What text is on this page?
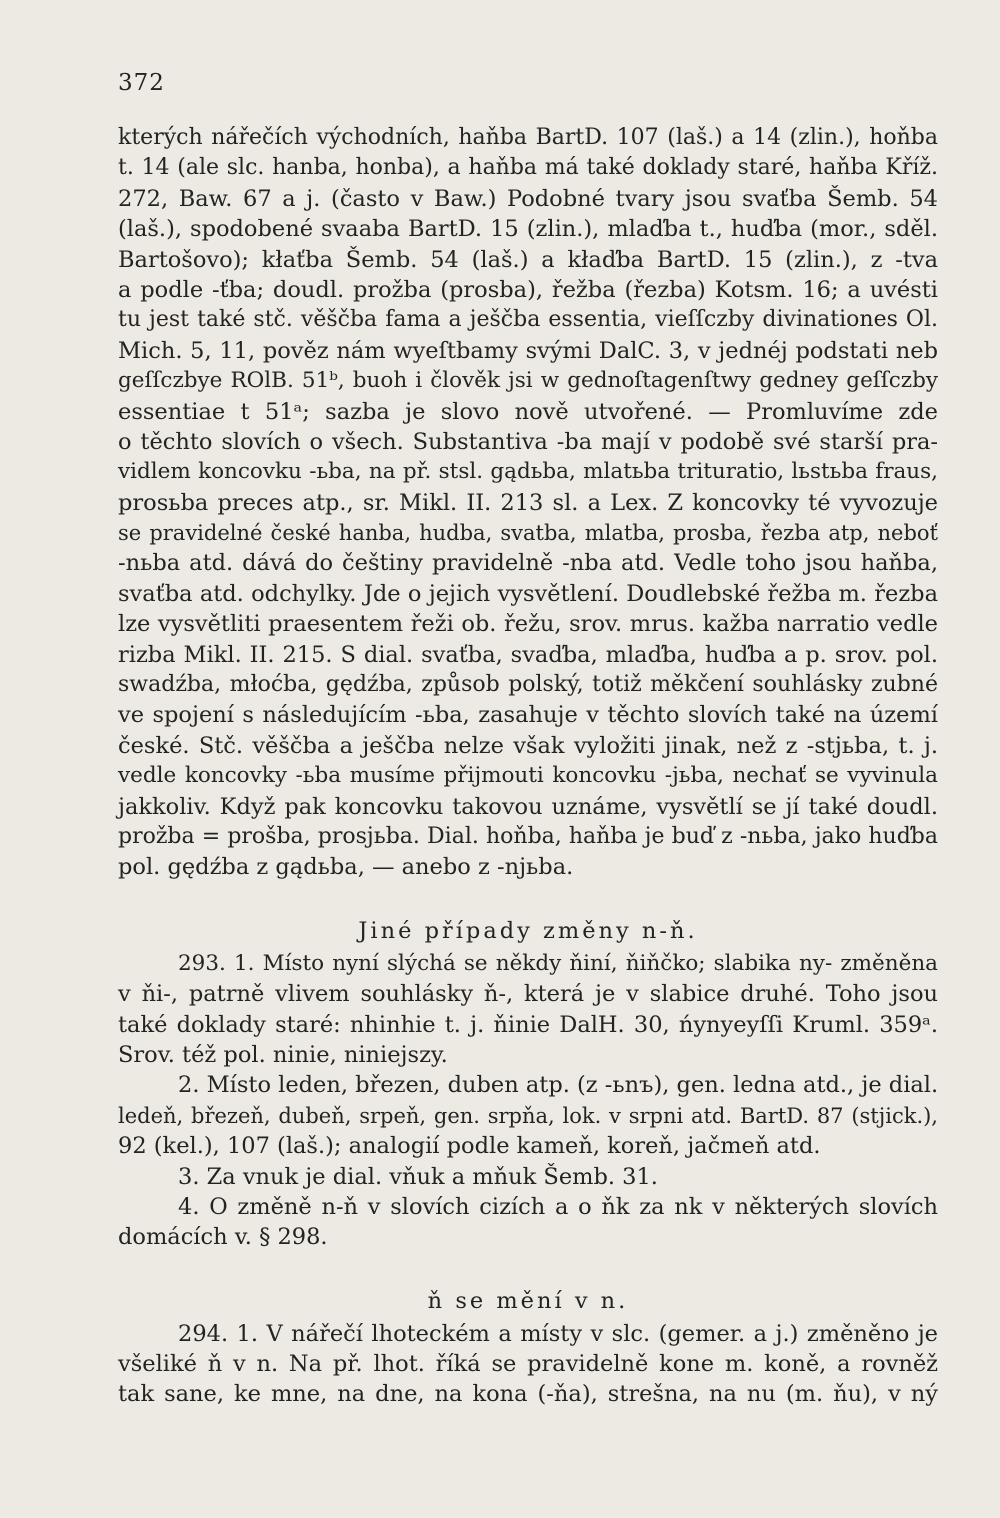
372
kterých nářečích východních, haňba BartD. 107 (laš.) a 14 (zlin.), hoňba
t. 14 (ale slc. hanba, honba), a haňba má také doklady staré, haňba Kříž.
272, Baw. 67 a j. (často v Baw.) Podobné tvary jsou svaťba Šemb. 54
(laš.), spodobené svaaba BartD. 15 (zlin.), mlaďba t., huďba (mor., sděl.
Bartošovo); kłaťba Šemb. 54 (laš.) a kłaďba BartD. 15 (zlin.), z -tva
a podle -ťba; doudl. prožba (prosba), řežba (řezba) Kotsm. 16; a uvésti
tu jest také stč. věščba fama a ješčba essentia, vieſſczby divinationes Ol.
Mich. 5, 11, pověz nám wyeſtbamy svými DalC. 3, v jednéj podstati neb
geſſczbye ROlB. 51ᵇ, buoh i člověk jsi w gednoſtagenſtwy gedney geſſczby
essentiae t 51ᵃ; sazba je slovo nově utvořené. — Promluvíme zde
o těchto slovích o všech. Substantiva -ba mají v podobě své starší pra-
vidlem koncovku -ьba, na př. stsl. gądьba, mlatьba trituratio, lьstьba fraus,
prosьba preces atp., sr. Mikl. II. 213 sl. a Lex. Z koncovky té vyvozuje
se pravidelné české hanba, hudba, svatba, mlatba, prosba, řezba atp, neboť
-nьba atd. dává do češtiny pravidelně -nba atd. Vedle toho jsou haňba,
svaťba atd. odchylky. Jde o jejich vysvětlení. Doudlebské řežba m. řezba
lze vysvětliti praesentem řeži ob. řežu, srov. mrus. kažba narratio vedle
rizba Mikl. II. 215. S dial. svaťba, svaďba, mlaďba, huďba a p. srov. pol.
swadźba, młoćba, gędźba, způsob polský, totiž měkčení souhlásky zubné
ve spojení s následujícím -ьba, zasahuje v těchto slovích také na území
české. Stč. věščba a ješčba nelze však vyložiti jinak, než z -stjьba, t. j.
vedle koncovky -ьba musíme přijmouti koncovku -jьba, nechať se vyvinula
jakkoliv. Když pak koncovku takovou uznáme, vysvětlí se jí také doudl.
prožba = prošba, prosjьba. Dial. hoňba, haňba je buď z -nьba, jako huďba
pol. gędźba z gądьba, — anebo z -njьba.
Jiné případy změny n-ň.
293. 1. Místo nyní slýchá se někdy ňiní, ňiňčko; slabika ny- změněna
v ňi-, patrně vlivem souhlásky ň-, která je v slabice druhé. Toho jsou
také doklady staré: nhinhie t. j. ňinie DalH. 30, ńynyeyſſi Kruml. 359ᵃ.
Srov. též pol. ninie, niniejszy.
2. Místo leden, březen, duben atp. (z -ьnъ), gen. ledna atd., je dial.
ledeň, březeň, dubeň, srpeň, gen. srpňa, lok. v srpni atd. BartD. 87 (stjick.),
92 (kel.), 107 (laš.); analogií podle kameň, koreň, jačmeň atd.
3. Za vnuk je dial. vňuk a mňuk Šemb. 31.
4. O změně n-ň v slovích cizích a o ňk za nk v některých slovích
domácích v. § 298.
ň se mění v n.
294. 1. V nářečí lhoteckém a místy v slc. (gemer. a j.) změněno je
všeliké ň v n. Na př. lhot. říká se pravidelně kone m. koně, a rovněž
tak sane, ke mne, na dne, na kona (-ňa), strešna, na nu (m. ňu), v ný
